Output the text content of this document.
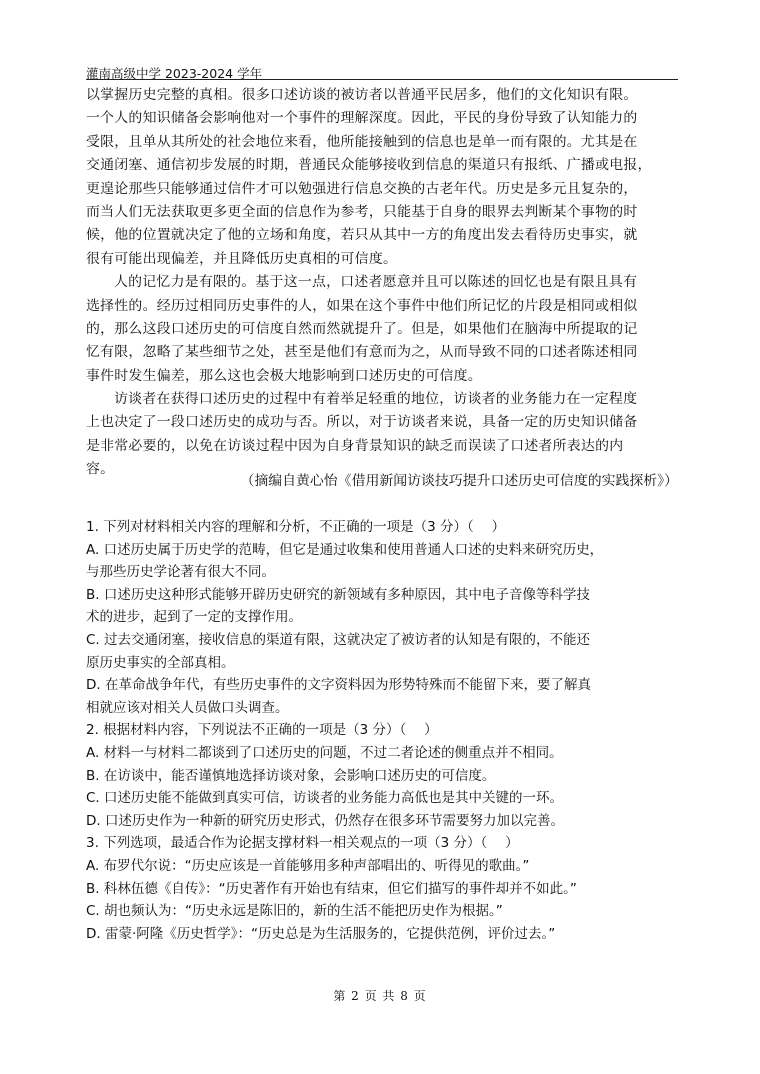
灌南高级中学 2023-2024 学年
以掌握历史完整的真相。很多口述访谈的被访者以普通平民居多，他们的文化知识有限。
一个人的知识储备会影响他对一个事件的理解深度。因此，平民的身份导致了认知能力的
受限，且单从其所处的社会地位来看，他所能接触到的信息也是单一而有限的。尤其是在
交通闭塞、通信初步发展的时期，普通民众能够接收到信息的渠道只有报纸、广播或电报，
更遑论那些只能够通过信件才可以勉强进行信息交换的古老年代。历史是多元且复杂的，
而当人们无法获取更多更全面的信息作为参考，只能基于自身的眼界去判断某个事物的时
候，他的位置就决定了他的立场和角度，若只从其中一方的角度出发去看待历史事实，就
很有可能出现偏差，并且降低历史真相的可信度。
人的记忆力是有限的。基于这一点，口述者愿意并且可以陈述的回忆也是有限且具有
选择性的。经历过相同历史事件的人，如果在这个事件中他们所记忆的片段是相同或相似
的，那么这段口述历史的可信度自然而然就提升了。但是，如果他们在脑海中所提取的记
忆有限，忽略了某些细节之处，甚至是他们有意而为之，从而导致不同的口述者陈述相同
事件时发生偏差，那么这也会极大地影响到口述历史的可信度。
访谈者在获得口述历史的过程中有着举足轻重的地位，访谈者的业务能力在一定程度
上也决定了一段口述历史的成功与否。所以，对于访谈者来说，具备一定的历史知识储备
是非常必要的，以免在访谈过程中因为自身背景知识的缺乏而误读了口述者所表达的内
容。
（摘编自黄心怡《借用新闻访谈技巧提升口述历史可信度的实践探析》）
1. 下列对材料相关内容的理解和分析，不正确的一项是（3 分）（　 ）
A. 口述历史属于历史学的范畴，但它是通过收集和使用普通人口述的史料来研究历史，
与那些历史学论著有很大不同。
B. 口述历史这种形式能够开辟历史研究的新领域有多种原因，其中电子音像等科学技
术的进步，起到了一定的支撑作用。
C. 过去交通闭塞，接收信息的渠道有限，这就决定了被访者的认知是有限的，不能还
原历史事实的全部真相。
D. 在革命战争年代，有些历史事件的文字资料因为形势特殊而不能留下来，要了解真
相就应该对相关人员做口头调查。
2. 根据材料内容，下列说法不正确的一项是（3 分）（　 ）
A. 材料一与材料二都谈到了口述历史的问题，不过二者论述的侧重点并不相同。
B. 在访谈中，能否谨慎地选择访谈对象，会影响口述历史的可信度。
C. 口述历史能不能做到真实可信，访谈者的业务能力高低也是其中关键的一环。
D. 口述历史作为一种新的研究历史形式，仍然存在很多环节需要努力加以完善。
3. 下列选项，最适合作为论据支撑材料一相关观点的一项（3 分）（　 ）
A. 布罗代尔说：“历史应该是一首能够用多种声部唱出的、听得见的歌曲。”
B. 科林伍德《自传》：“历史著作有开始也有结束，但它们描写的事件却并不如此。”
C. 胡也频认为：“历史永远是陈旧的，新的生活不能把历史作为根据。”
D. 雷蒙·阿隆《历史哲学》：“历史总是为生活服务的，它提供范例，评价过去。”
第 2 页 共 8 页
